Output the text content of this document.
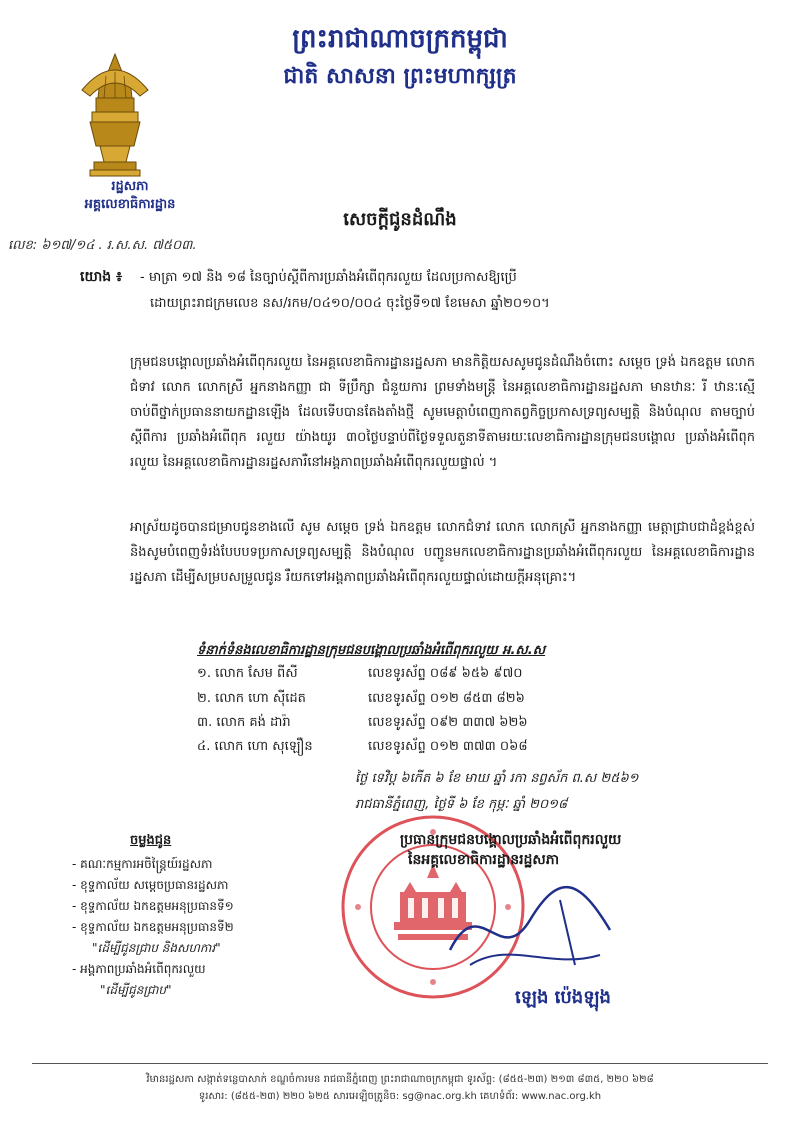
ព្រះរាជាណាចក្រកម្ពុជា
ជាតិ សាសនា ព្រះមហាក្សត្រ
រដ្ឋសភា
អគ្គលេខាធិការដ្ឋាន
សេចក្តីជូនដំណឹង
លេខ: ៦១៧/១៤ . រ.ស.ស. ៧៥០៣.
យោង ៖ - មាត្រា ១៧ និង ១៨ នៃច្បាប់ស្តីពីការប្រឆាំងអំពើពុករលួយ ដែលប្រកាសឱ្យប្រើ
ដោយព្រះរាជក្រមលេខ នស/រកម/០៤១០/០០៤ ចុះថ្ងៃទី១៧ ខែមេសា ឆ្នាំ២០១០។
ក្រុមជនបង្គោលប្រឆាំងអំពើពុករលួយ នៃអគ្គលេខាធិការដ្ឋានរដ្ឋសភា មានកិត្តិយសសូមជូនដំណឹងចំពោះ សម្តេច ទ្រង់ ឯកឧត្តម លោកជំទាវ លោក លោកស្រី អ្នកនាងកញ្ញា ជា ទីប្រឹក្សា ជំនួយការ ព្រមទាំងមន្ត្រី នៃអគ្គលេខាធិការដ្ឋានរដ្ឋសភា មានឋានៈ រី ឋានៈស្មើ ចាប់ពីថ្នាក់ប្រធាននាយកដ្ឋានឡើង ដែលទើបបានតែងតាំងថ្មី សូមមេត្តាបំពេញកាតព្វកិច្ចប្រកាសទ្រព្យសម្បត្តិ និងបំណុល តាមច្បាប់ស្តីពីការ ប្រឆាំងអំពើពុក រលួយ យ៉ាងយូរ ៣០ថ្ងៃបន្ទាប់ពីថ្ងៃទទួលតួនាទីតាមរយៈលេខាធិការដ្ឋានក្រុមជនបង្គោល ប្រឆាំងអំពើពុករលួយ នៃអគ្គលេខាធិការដ្ឋានរដ្ឋសភារឺនៅអង្គភាពប្រឆាំងអំពើពុករលួយផ្ទាល់ ។
អាស្រ័យដូចបានជម្រាបជូនខាងលើ សូម សម្តេច ទ្រង់ ឯកឧត្តម លោកជំទាវ លោក លោកស្រី អ្នកនាងកញ្ញា មេត្តាជ្រាបជាដំខ្ពង់ខ្ពស់ និងសូមបំពេញទំរង់បែបបទប្រកាសទ្រព្យសម្បត្តិ និងបំណុល បញ្ជូនមកលេខាធិការដ្ឋានប្រឆាំងអំពើពុករលួយ នៃអគ្គលេខាធិការដ្ឋានរដ្ឋសភា ដើម្បីសម្របសម្រួលជូន រឺយកទៅអង្គភាពប្រឆាំងអំពើពុករលួយផ្ទាល់ដោយក្តីអនុគ្រោះ។
ទំនាក់ទំនងលេខាធិការដ្ឋានក្រុមជនបង្គោលប្រឆាំងអំពើពុករលួយ អ.ស.ស
១. លោក សែម ពីសី	លេខទូរស័ព្ទ ០៨៩ ៦៥៦ ៩៧០
២. លោក ហោ ស៊ីដេត	លេខទូរស័ព្ទ ០១២ ៨៥៣ ៨២៦
៣. លោក គង់ ដារ៉ា	លេខទូរស័ព្ទ ០៩២ ៣៣៧ ៦២៦
៤. លោក ហោ សុឡឿន	លេខទូរស័ព្ទ ០១២ ៣៧៣ ០៦៨
ថ្ងៃ ទេវិប្ត ៦កើត ៦ ខែ មាឃ ឆ្នាំ រកា នព្វស័ក ព.ស ២៥៦១
រាជធានីភ្នំពេញ, ថ្ងៃទី ៦ ខែ កុម្ភៈ ឆ្នាំ ២០១៨
ប្រធានក្រុមជនបង្គោលប្រឆាំងអំពើពុករលួយ
នៃអគ្គលេខាធិការដ្ឋានរដ្ឋសភា
ឡេង ប៉េងឡុង
ចម្លងជូន
- គណៈកម្មការអចិន្ត្រៃយ៍រដ្ឋសភា
- ខុទ្ទកាល័យ សម្តេចប្រធានរដ្ឋសភា
- ខុទ្ទកាល័យ ឯកឧត្តមអនុប្រធានទី១
- ខុទ្ទកាល័យ ឯកឧត្តមអនុប្រធានទី២
"ដើម្បីជូនជ្រាប និងសហការ"
- អង្គភាពប្រឆាំងអំពើពុករលួយ
"ដើម្បីជូនជ្រាប"
វិមានរដ្ឋសភា សង្កាត់ទន្លេបាសាក់ ខណ្ឌចំការមន រាជធានីភ្នំពេញ ព្រះរាជាណាចក្រកម្ពុជា ទូរស័ព្ទ: (៨៥៥-២៣) ២១៣ ៨៣៥, ២២០ ៦២៨
ទូរសារ: (៨៥៥-២៣) ២២០ ៦២៥ សារអេឡិចត្រូនិច: sg@nac.org.kh គេហទំព័រ: www.nac.org.kh
